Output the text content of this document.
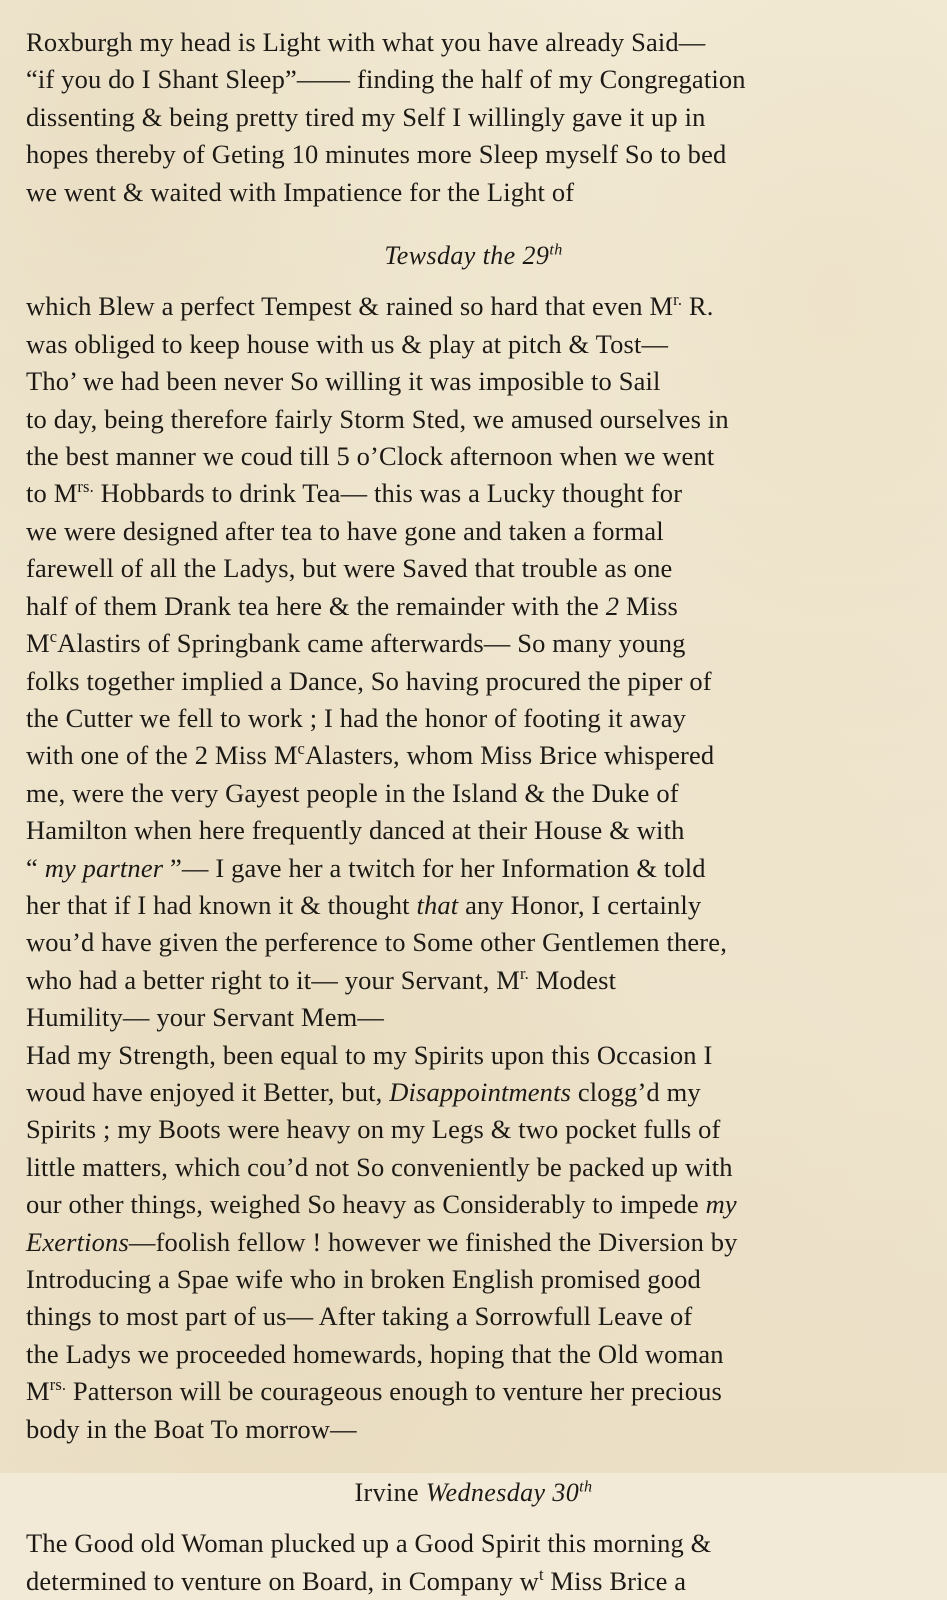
Roxburgh my head is Light with what you have already Said—
“if you do I Shant Sleep”—— finding the half of my Congregation
dissenting & being pretty tired my Self I willingly gave it up in
hopes thereby of Geting 10 minutes more Sleep myself So to bed
we went & waited with Impatience for the Light of
Tewsday the 29th
which Blew a perfect Tempest & rained so hard that even $M^{r.}$ R.
was obliged to keep house with us & play at pitch & Tost—
Tho’ we had been never So willing it was imposible to Sail
to day, being therefore fairly Storm Sted, we amused ourselves in
the best manner we coud till 5 o’Clock afternoon when we went
to $M^{rs.}$ Hobbards to drink Tea— this was a Lucky thought for
we were designed after tea to have gone and taken a formal
farewell of all the Ladys, but were Saved that trouble as one
half of them Drank tea here & the remainder with the 2 Miss
$M^cAlastirs$ of Springbank came afterwards— So many young
folks together implied a Dance, So having procured the piper of
the Cutter we fell to work ; I had the honor of footing it away
with one of the 2 Miss $M^cAlasters$, whom Miss Brice whispered
me, were the very Gayest people in the Island & the Duke of
Hamilton when here frequently danced at their House & with
“ my partner ”— I gave her a twitch for her Information & told
her that if I had known it & thought that any Honor, I certainly
wou’d have given the perference to Some other Gentlemen there,
who had a better right to it— your Servant, $M^{r.}$ Modest
Humility— your Servant Mem—
Had my Strength, been equal to my Spirits upon this Occasion I
woud have enjoyed it Better, but, Disappointments clogg’d my
Spirits ; my Boots were heavy on my Legs & two pocket fulls of
little matters, which cou’d not So conveniently be packed up with
our other things, weighed So heavy as Considerably to impede my
Exertions—foolish fellow ! however we finished the Diversion by
Introducing a Spae wife who in broken English promised good
things to most part of us— After taking a Sorrowfull Leave of
the Ladys we proceeded homewards, hoping that the Old woman
$M^{rs.}$ Patterson will be courageous enough to venture her precious
body in the Boat To morrow—
Irvine Wednesday 30th
The Good old Woman plucked up a Good Spirit this morning &
determined to venture on Board, in Company $w^t$ Miss Brice a
